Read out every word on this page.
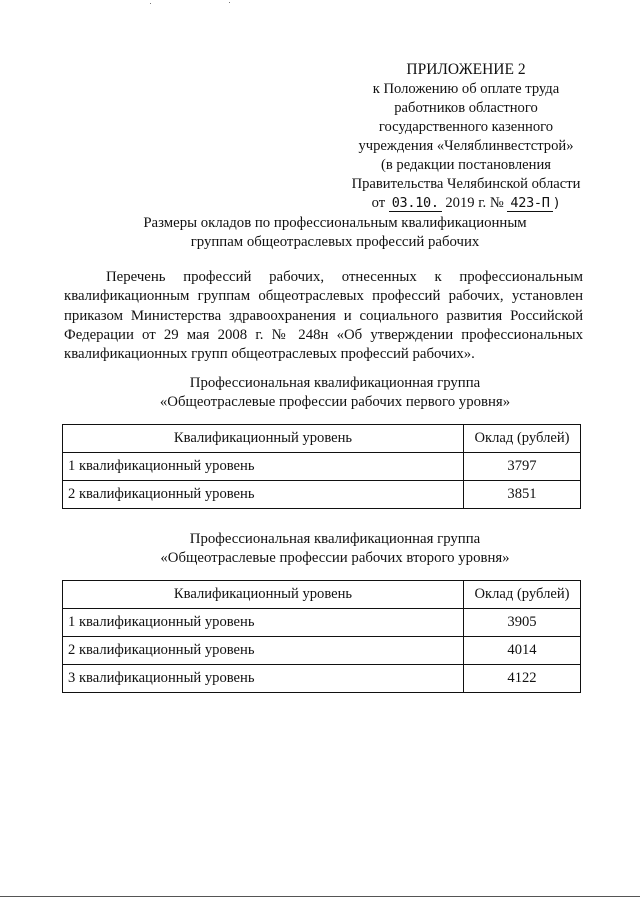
ПРИЛОЖЕНИЕ 2
к Положению об оплате труда
работников областного
государственного казенного
учреждения «Челяблинвестстрой»
(в редакции постановления
Правительства Челябинской области
от 03.10. 2019 г. № 423-П )
Размеры окладов по профессиональным квалификационным
группам общеотраслевых профессий рабочих
Перечень профессий рабочих, отнесенных к профессиональным квалификационным группам общеотраслевых профессий рабочих, установлен приказом Министерства здравоохранения и социального развития Российской Федерации от 29 мая 2008 г. № 248н «Об утверждении профессиональных квалификационных групп общеотраслевых профессий рабочих».
Профессиональная квалификационная группа
«Общеотраслевые профессии рабочих первого уровня»
Квалификационный уровень	Оклад (рублей)
1 квалификационный уровень	3797
2 квалификационный уровень	3851
Профессиональная квалификационная группа
«Общеотраслевые профессии рабочих второго уровня»
Квалификационный уровень	Оклад (рублей)
1 квалификационный уровень	3905
2 квалификационный уровень	4014
3 квалификационный уровень	4122
